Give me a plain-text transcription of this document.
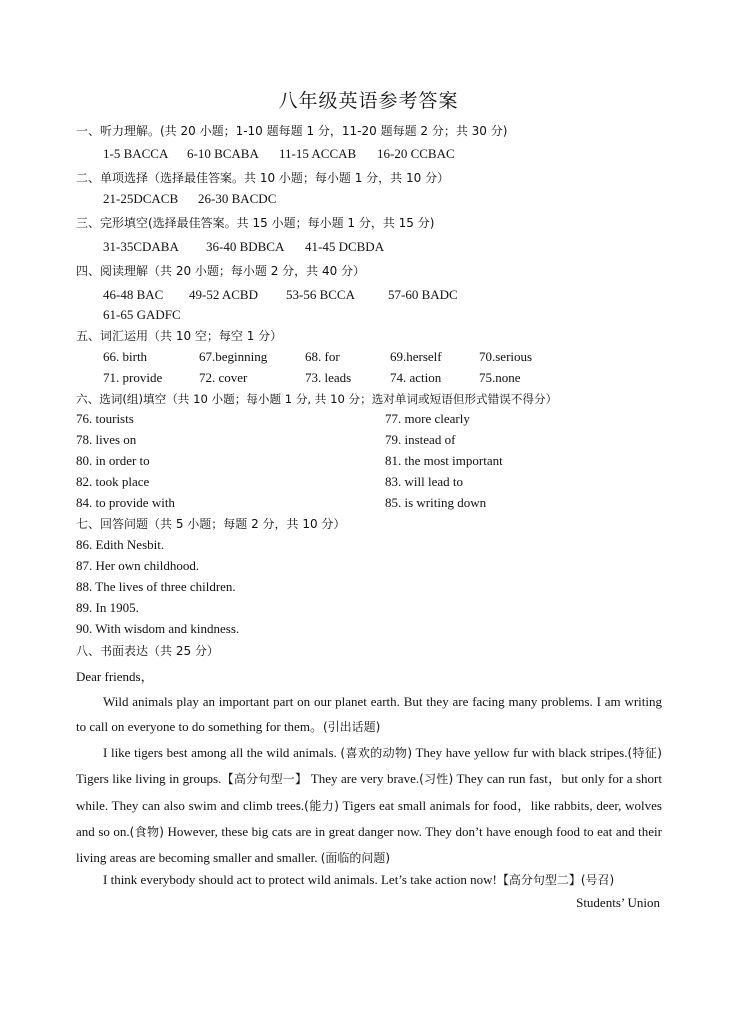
八年级英语参考答案
一、听力理解。(共 20 小题；1-10 题每题 1 分，11-20 题每题 2 分；共 30 分)
1-5 BACCA 6-10 BCABA 11-15 ACCAB 16-20 CCBAC
二、单项选择（选择最佳答案。共 10 小题；每小题 1 分，共 10 分）
21-25DCACB 26-30 BACDC
三、完形填空(选择最佳答案。共 15 小题；每小题 1 分，共 15 分)
31-35CDABA 36-40 BDBCA 41-45 DCBDA
四、阅读理解（共 20 小题；每小题 2 分，共 40 分）
46-48 BAC 49-52 ACBD 53-56 BCCA	57-60 BADC
61-65 GADFC
五、词汇运用（共 10 空；每空 1 分）
66. birth	67.beginning	68. for	69.herself	70.serious
71. provide	72. cover	73. leads	74. action	75.none
六、选词(组)填空（共 10 小题；每小题 1 分, 共 10 分；选对单词或短语但形式错误不得分）
76. tourists	77. more clearly
78. lives on	79. instead of
80. in order to	81. the most important
82. took place	83. will lead to
84. to provide with	85. is writing down
七、回答问题（共 5 小题；每题 2 分，共 10 分）
86. Edith Nesbit.
87. Her own childhood.
88. The lives of three children.
89. In 1905.
90. With wisdom and kindness.
八、书面表达（共 25 分）
Dear friends，
Wild animals play an important part on our planet earth. But they are facing many problems. I am writing to call on everyone to do something for them。(引出话题)
I like tigers best among all the wild animals. (喜欢的动物) They have yellow fur with black stripes.(特征) Tigers like living in groups.【高分句型一】 They are very brave.(习性) They can run fast，but only for a short while. They can also swim and climb trees.(能力) Tigers eat small animals for food，like rabbits, deer, wolves and so on.(食物) However, these big cats are in great danger now. They don’t have enough food to eat and their living areas are becoming smaller and smaller. (面临的问题)
I think everybody should act to protect wild animals. Let’s take action now!【高分句型二】(号召)
Students’ Union
